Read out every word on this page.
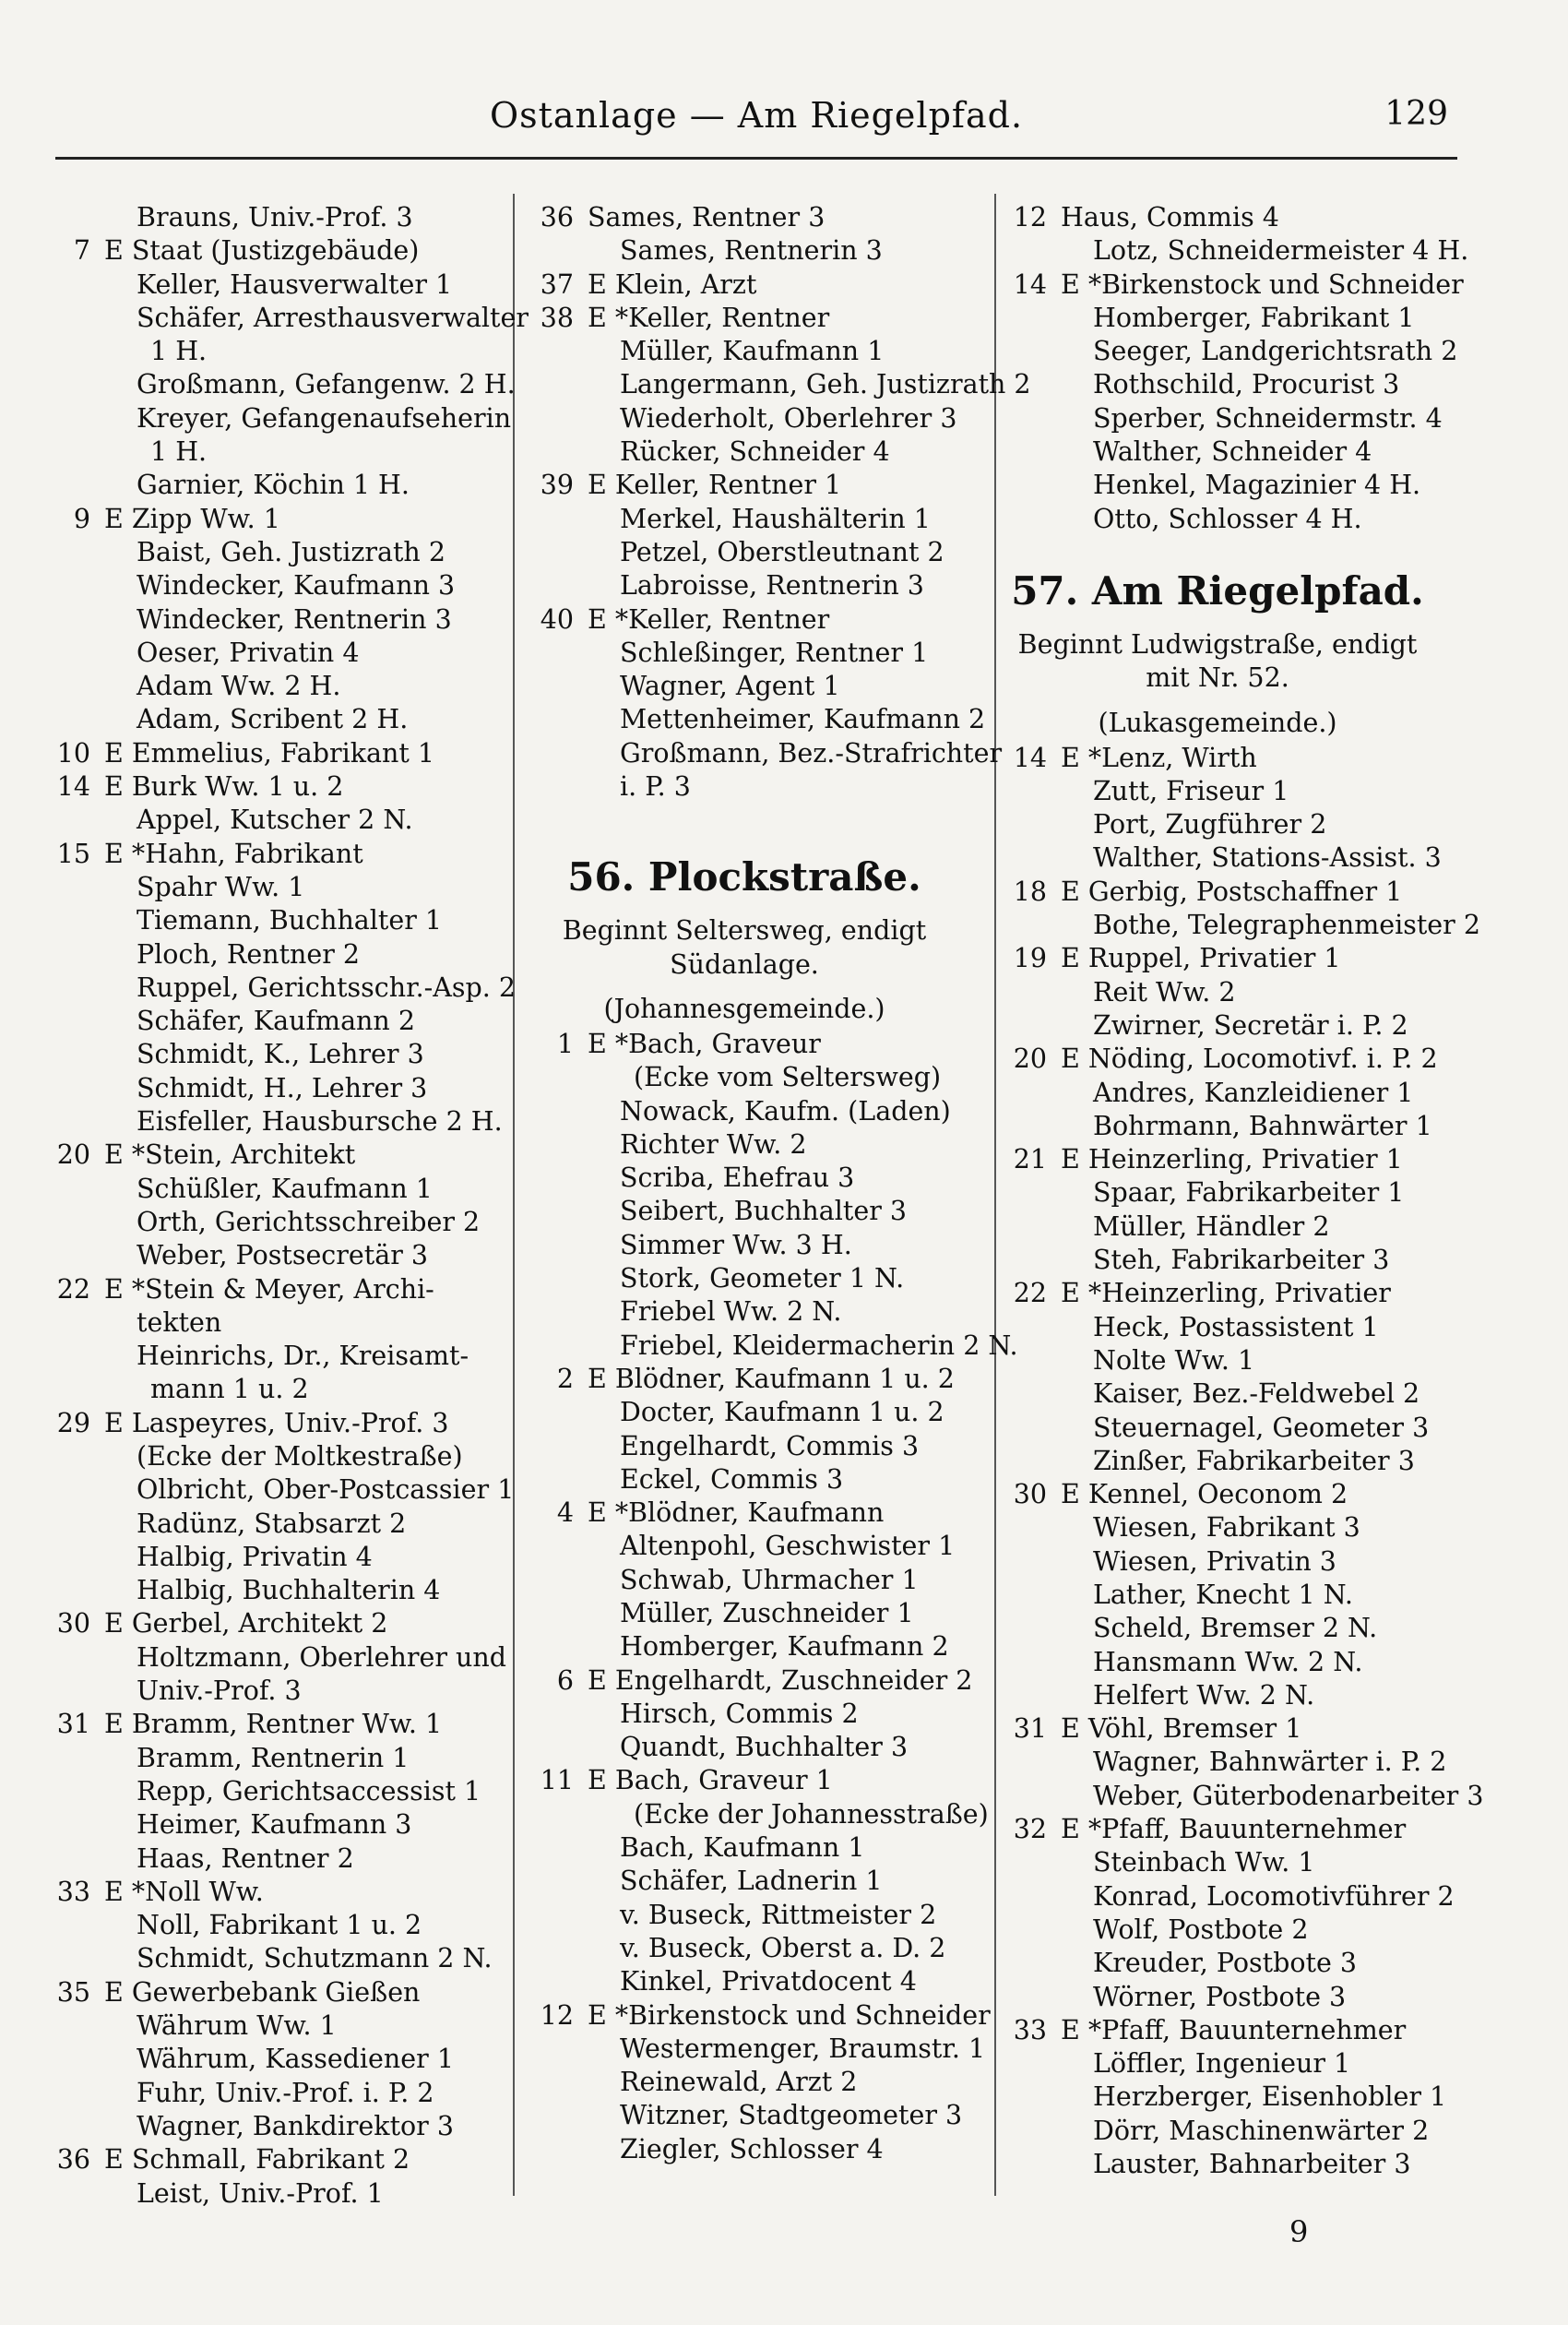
Ostanlage — Am Riegelpfad.	129
Brauns, Univ.-Prof. 3
7 E Staat (Justizgebäude)
Keller, Hausverwalter 1
Schäfer, Arresthausverwalter
1 H.
Großmann, Gefangenw. 2 H.
Kreyer, Gefangenaufseherin
1 H.
Garnier, Köchin 1 H.
9 E Zipp Ww. 1
Baist, Geh. Justizrath 2
Windecker, Kaufmann 3
Windecker, Rentnerin 3
Oeser, Privatin 4
Adam Ww. 2 H.
Adam, Scribent 2 H.
10 E Emmelius, Fabrikant 1
14 E Burk Ww. 1 u. 2
Appel, Kutscher 2 N.
15 E *Hahn, Fabrikant
Spahr Ww. 1
Tiemann, Buchhalter 1
Ploch, Rentner 2
Ruppel, Gerichtsschr.-Asp. 2
Schäfer, Kaufmann 2
Schmidt, K., Lehrer 3
Schmidt, H., Lehrer 3
Eisfeller, Hausbursche 2 H.
20 E *Stein, Architekt
Schüßler, Kaufmann 1
Orth, Gerichtsschreiber 2
Weber, Postsecretär 3
22 E *Stein & Meyer, Archi-
tekten
Heinrichs, Dr., Kreisamt-
mann 1 u. 2
29 E Laspeyres, Univ.-Prof. 3
(Ecke der Moltkestraße)
Olbricht, Ober-Postcassier 1
Radünz, Stabsarzt 2
Halbig, Privatin 4
Halbig, Buchhalterin 4
30 E Gerbel, Architekt 2
Holtzmann, Oberlehrer und
Univ.-Prof. 3
31 E Bramm, Rentner Ww. 1
Bramm, Rentnerin 1
Repp, Gerichtsaccessist 1
Heimer, Kaufmann 3
Haas, Rentner 2
33 E *Noll Ww.
Noll, Fabrikant 1 u. 2
Schmidt, Schutzmann 2 N.
35 E Gewerbebank Gießen
Währum Ww. 1
Währum, Kassediener 1
Fuhr, Univ.-Prof. i. P. 2
Wagner, Bankdirektor 3
36 E Schmall, Fabrikant 2
Leist, Univ.-Prof. 1
36 Sames, Rentner 3
Sames, Rentnerin 3
37 E Klein, Arzt
38 E *Keller, Rentner
Müller, Kaufmann 1
Langermann, Geh. Justizrath 2
Wiederholt, Oberlehrer 3
Rücker, Schneider 4
39 E Keller, Rentner 1
Merkel, Haushälterin 1
Petzel, Oberstleutnant 2
Labroisse, Rentnerin 3
40 E *Keller, Rentner
Schleßinger, Rentner 1
Wagner, Agent 1
Mettenheimer, Kaufmann 2
Großmann, Bez.-Strafrichter
i. P. 3
56. Plockstraße.
Beginnt Seltersweg, endigt
Südanlage.
(Johannesgemeinde.)
1 E *Bach, Graveur
(Ecke vom Seltersweg)
Nowack, Kaufm. (Laden)
Richter Ww. 2
Scriba, Ehefrau 3
Seibert, Buchhalter 3
Simmer Ww. 3 H.
Stork, Geometer 1 N.
Friebel Ww. 2 N.
Friebel, Kleidermacherin 2 N.
2 E Blödner, Kaufmann 1 u. 2
Docter, Kaufmann 1 u. 2
Engelhardt, Commis 3
Eckel, Commis 3
4 E *Blödner, Kaufmann
Altenpohl, Geschwister 1
Schwab, Uhrmacher 1
Müller, Zuschneider 1
Homberger, Kaufmann 2
6 E Engelhardt, Zuschneider 2
Hirsch, Commis 2
Quandt, Buchhalter 3
11 E Bach, Graveur 1
(Ecke der Johannesstraße)
Bach, Kaufmann 1
Schäfer, Ladnerin 1
v. Buseck, Rittmeister 2
v. Buseck, Oberst a. D. 2
Kinkel, Privatdocent 4
12 E *Birkenstock und Schneider
Westermenger, Braumstr. 1
Reinewald, Arzt 2
Witzner, Stadtgeometer 3
Ziegler, Schlosser 4
12 Haus, Commis 4
Lotz, Schneidermeister 4 H.
14 E *Birkenstock und Schneider
Homberger, Fabrikant 1
Seeger, Landgerichtsrath 2
Rothschild, Procurist 3
Sperber, Schneidermstr. 4
Walther, Schneider 4
Henkel, Magazinier 4 H.
Otto, Schlosser 4 H.
57. Am Riegelpfad.
Beginnt Ludwigstraße, endigt
mit Nr. 52.
(Lukasgemeinde.)
14 E *Lenz, Wirth
Zutt, Friseur 1
Port, Zugführer 2
Walther, Stations-Assist. 3
18 E Gerbig, Postschaffner 1
Bothe, Telegraphenmeister 2
19 E Ruppel, Privatier 1
Reit Ww. 2
Zwirner, Secretär i. P. 2
20 E Nöding, Locomotivf. i. P. 2
Andres, Kanzleidiener 1
Bohrmann, Bahnwärter 1
21 E Heinzerling, Privatier 1
Spaar, Fabrikarbeiter 1
Müller, Händler 2
Steh, Fabrikarbeiter 3
22 E *Heinzerling, Privatier
Heck, Postassistent 1
Nolte Ww. 1
Kaiser, Bez.-Feldwebel 2
Steuernagel, Geometer 3
Zinßer, Fabrikarbeiter 3
30 E Kennel, Oeconom 2
Wiesen, Fabrikant 3
Wiesen, Privatin 3
Lather, Knecht 1 N.
Scheld, Bremser 2 N.
Hansmann Ww. 2 N.
Helfert Ww. 2 N.
31 E Vöhl, Bremser 1
Wagner, Bahnwärter i. P. 2
Weber, Güterbodenarbeiter 3
32 E *Pfaff, Bauunternehmer
Steinbach Ww. 1
Konrad, Locomotivführer 2
Wolf, Postbote 2
Kreuder, Postbote 3
Wörner, Postbote 3
33 E *Pfaff, Bauunternehmer
Löffler, Ingenieur 1
Herzberger, Eisenhobler 1
Dörr, Maschinenwärter 2
Lauster, Bahnarbeiter 3
9
